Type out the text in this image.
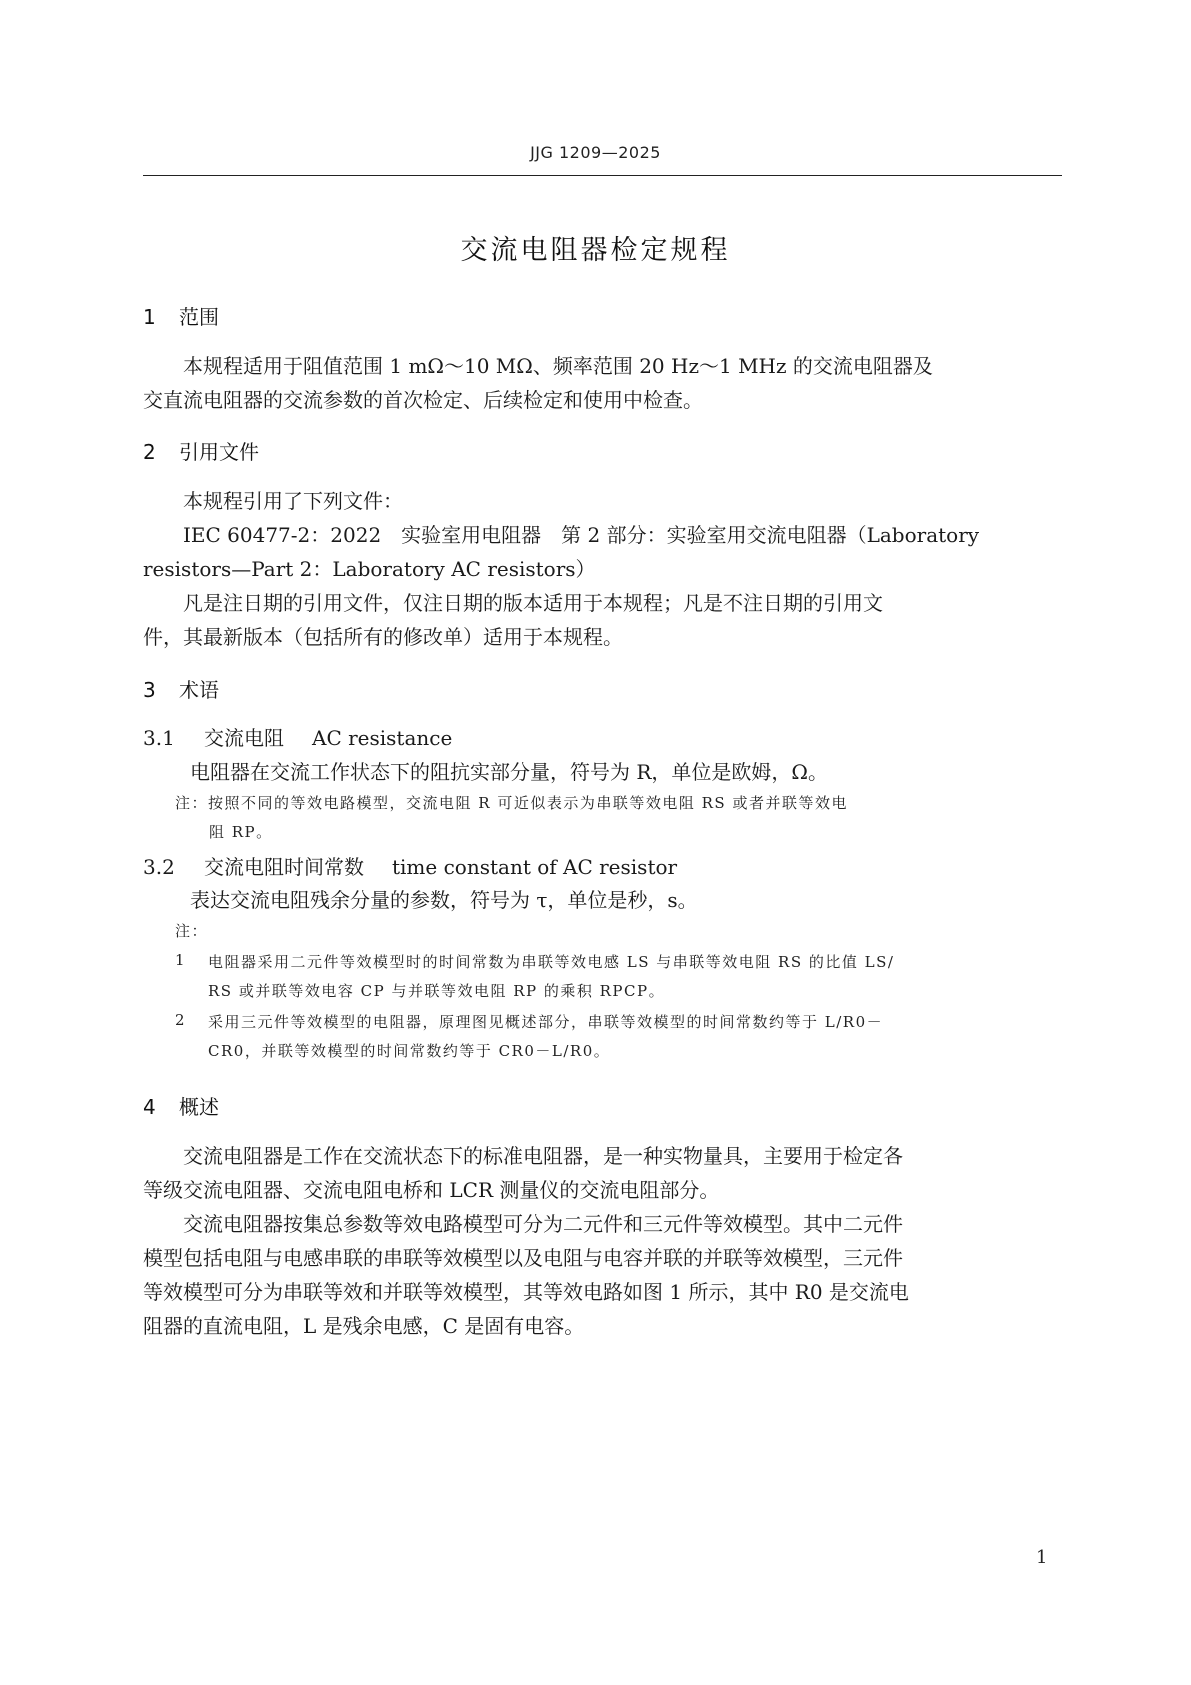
JJG 1209—2025
交流电阻器检定规程
1 范围
　　本规程适用于阻值范围 1 mΩ～10 MΩ、频率范围 20 Hz～1 MHz 的交流电阻器及
交直流电阻器的交流参数的首次检定、后续检定和使用中检查。
2 引用文件
　　本规程引用了下列文件：
　　IEC 60477-2：2022　实验室用电阻器　第 2 部分：实验室用交流电阻器（Laboratory
resistors—Part 2：Laboratory AC resistors）
　　凡是注日期的引用文件，仅注日期的版本适用于本规程；凡是不注日期的引用文
件，其最新版本（包括所有的修改单）适用于本规程。
3 术语
3.1 交流电阻 AC resistance
电阻器在交流工作状态下的阻抗实部分量，符号为 R，单位是欧姆，Ω。
注：按照不同的等效电路模型，交流电阻 R 可近似表示为串联等效电阻 RS 或者并联等效电
阻 RP。
3.2 交流电阻时间常数 time constant of AC resistor
表达交流电阻残余分量的参数，符号为 τ，单位是秒，s。
注：
1 电阻器采用二元件等效模型时的时间常数为串联等效电感 LS 与串联等效电阻 RS 的比值 LS/
RS 或并联等效电容 CP 与并联等效电阻 RP 的乘积 RPCP。
2 采用三元件等效模型的电阻器，原理图见概述部分，串联等效模型的时间常数约等于 L/R0－
CR0，并联等效模型的时间常数约等于 CR0－L/R0。
4 概述
　　交流电阻器是工作在交流状态下的标准电阻器，是一种实物量具，主要用于检定各
等级交流电阻器、交流电阻电桥和 LCR 测量仪的交流电阻部分。
　　交流电阻器按集总参数等效电路模型可分为二元件和三元件等效模型。其中二元件
模型包括电阻与电感串联的串联等效模型以及电阻与电容并联的并联等效模型，三元件
等效模型可分为串联等效和并联等效模型，其等效电路如图 1 所示，其中 R0 是交流电
阻器的直流电阻，L 是残余电感，C 是固有电容。
1
